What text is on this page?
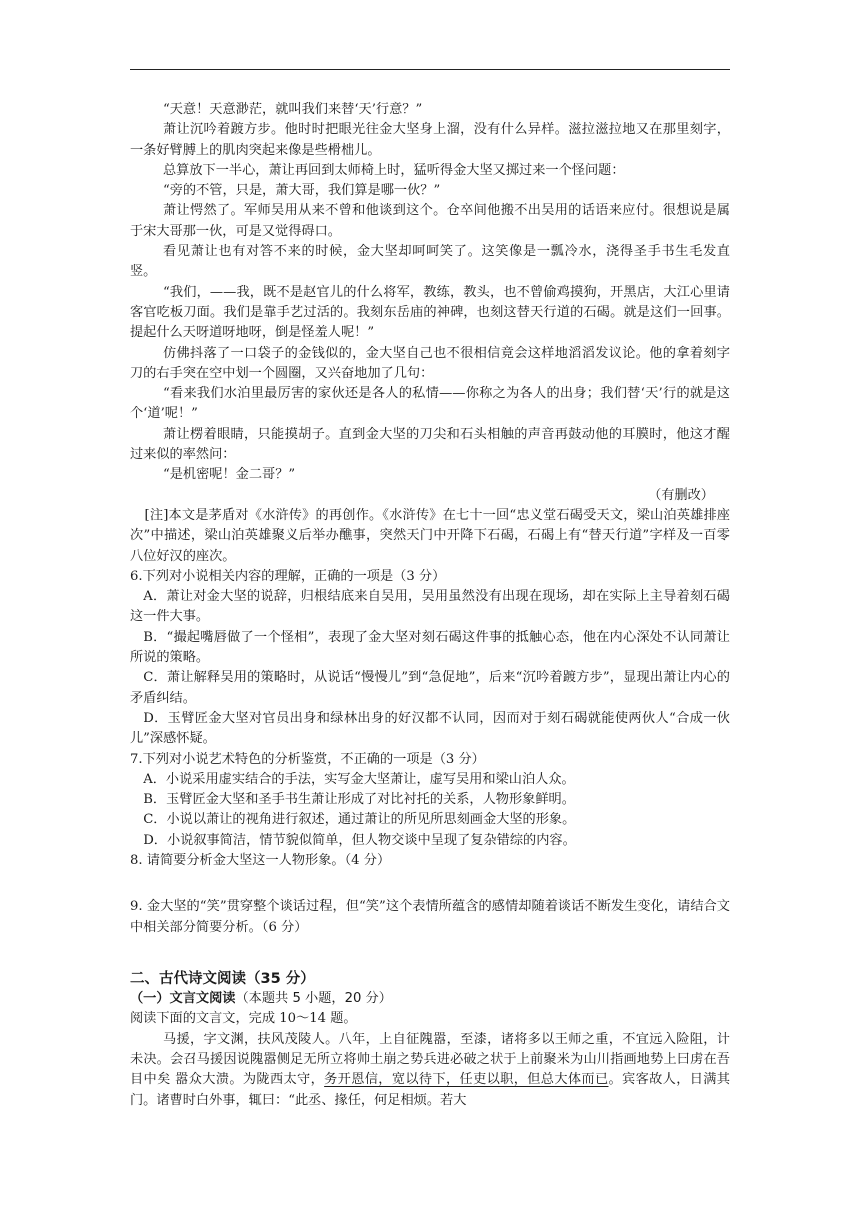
“天意！天意渺茫，就叫我们来替‘天’行意？”

萧让沉吟着踱方步。他时时把眼光往金大坚身上溜，没有什么异样。滋拉滋拉地又在那里刻字，一条好臂膊上的肌肉突起来像是些榾柮儿。

总算放下一半心，萧让再回到太师椅上时，猛听得金大坚又掷过来一个怪问题：

“旁的不管，只是，萧大哥，我们算是哪一伙？”

萧让愕然了。军师吴用从来不曾和他谈到这个。仓卒间他搬不出吴用的话语来应付。很想说是属于宋大哥那一伙，可是又觉得碍口。

看见萧让也有对答不来的时候，金大坚却呵呵笑了。这笑像是一瓢冷水，浇得圣手书生毛发直竖。

“我们，——我，既不是赵官儿的什么将军，教练，教头，也不曾偷鸡摸狗，开黑店，大江心里请客官吃板刀面。我们是靠手艺过活的。我刻东岳庙的神碑，也刻这替天行道的石碣。就是这们一回事。提起什么天呀道呀地呀，倒是怪羞人呢！”

仿佛抖落了一口袋子的金钱似的，金大坚自己也不很相信竟会这样地滔滔发议论。他的拿着刻字刀的右手突在空中划一个圆圈，又兴奋地加了几句：

“看来我们水泊里最厉害的家伙还是各人的私情——你称之为各人的出身；我们替‘天’行的就是这个‘道’呢！”

萧让楞着眼睛，只能摸胡子。直到金大坚的刀尖和石头相触的声音再鼓动他的耳膜时，他这才醒过来似的率然问：

“是机密呢！金二哥？”

（有删改）

[注]本文是茅盾对《水浒传》的再创作。《水浒传》在七十一回“忠义堂石碣受天文，梁山泊英雄排座次”中描述，梁山泊英雄聚义后举办醮事，突然天门中开降下石碣，石碣上有“替天行道”字样及一百零八位好汉的座次。

6.下列对小说相关内容的理解，正确的一项是（3 分）

A．萧让对金大坚的说辞，归根结底来自吴用，吴用虽然没有出现在现场，却在实际上主导着刻石碣这一件大事。

B．“撮起嘴唇做了一个怪相”，表现了金大坚对刻石碣这件事的抵触心态，他在内心深处不认同萧让所说的策略。

C．萧让解释吴用的策略时，从说话“慢慢儿”到“急促地”，后来“沉吟着踱方步”，显现出萧让内心的矛盾纠结。

D．玉臂匠金大坚对官员出身和绿林出身的好汉都不认同，因而对于刻石碣就能使两伙人“合成一伙儿”深感怀疑。

7.下列对小说艺术特色的分析鉴赏，不正确的一项是（3 分）

A．小说采用虚实结合的手法，实写金大坚萧让，虚写吴用和梁山泊人众。

B．玉臂匠金大坚和圣手书生萧让形成了对比衬托的关系，人物形象鲜明。

C．小说以萧让的视角进行叙述，通过萧让的所见所思刻画金大坚的形象。

D．小说叙事简洁，情节貌似简单，但人物交谈中呈现了复杂错综的内容。

8. 请简要分析金大坚这一人物形象。（4 分）

9. 金大坚的“笑”贯穿整个谈话过程，但“笑”这个表情所蕴含的感情却随着谈话不断发生变化，请结合文中相关部分简要分析。（6 分）

二、古代诗文阅读（35 分）

（一）文言文阅读（本题共 5 小题，20 分）

阅读下面的文言文，完成 10～14 题。

马援，字文渊，扶风茂陵人。八年，上自征隗嚣，至漆，诸将多以王师之重，不宜远入险阻，计未决。会召马援因说隗嚣侧足无所立将帅土崩之势兵进必破之状于上前聚米为山川指画地势上曰虏在吾目中矣 嚣众大溃。为陇西太守，务开恩信，宽以待下，任吏以职，但总大体而已。宾客故人，日满其门。诸曹时白外事，辄曰：“此丞、掾任，何足相烦。若大
